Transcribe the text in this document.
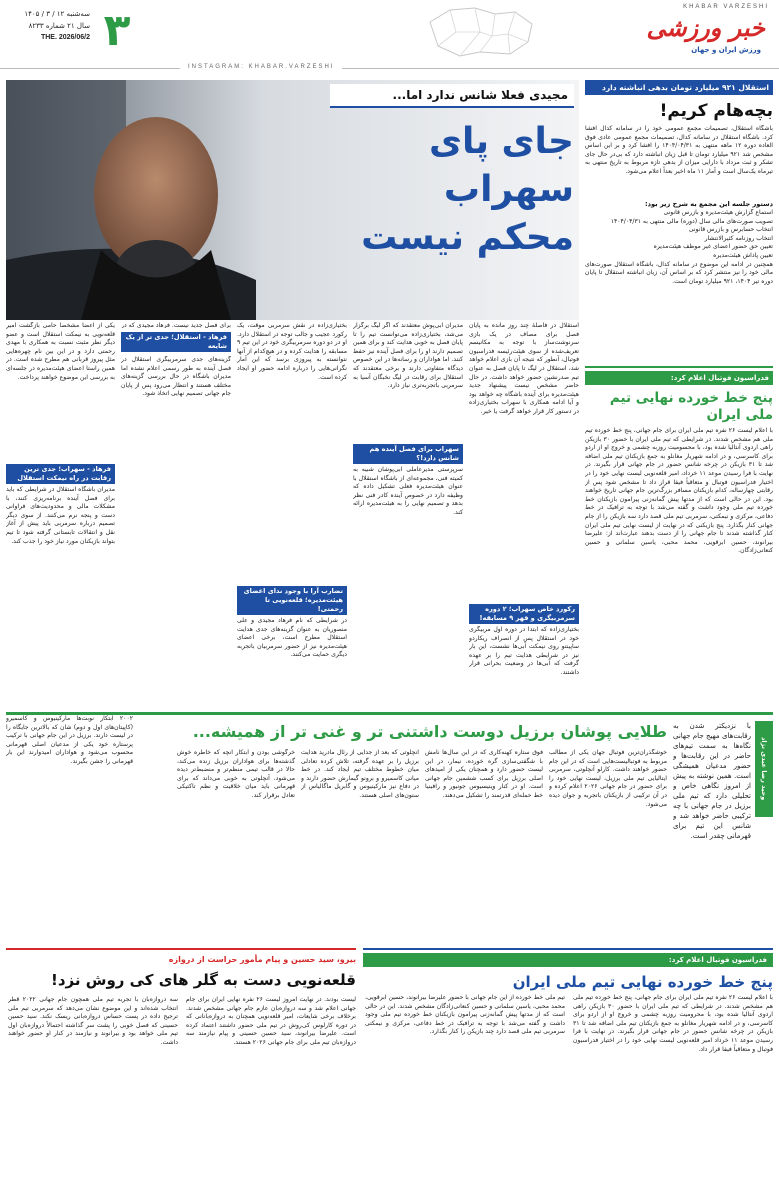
KHABAR VARZESHI
خبر ورزشی
ورزش ایران و جهان
۳
سه‌شنبه ۱۲ / ۳ / ۱۴۰۵
سال ۲۱ شماره ۸۲۳۳
THE. 2026/06/2
INSTAGRAM: KHABAR.VARZESHI
استقلال ۹۲۱ میلیارد تومان بدهی انباشته دارد
بچه‌هام کریم!
باشگاه استقلال، تصمیمات مجمع عمومی خود را در سامانه کدال افشا کرد. باشگاه استقلال در سامانه کدال، تصمیمات مجمع عمومی عادی فوق العاده دوره ۱۲ ماهه منتهی به ۱۴۰۴/۰۴/۳۱ را افشا کرد و بر این اساس مشخص شد ۹۲۱ میلیارد تومان تا قبل زیان انباشته دارد که بی‌در حال جای تشکر و ثبت مرداد با دارایی میزان از بدهی تازه مربوط به تاریخ منتهی به تیرماه یک‌سال است و آمار ۱۱ ماه اخیر بعداً اعلام می‌شود.
دستور جلسه این مجمع به شرح زیر بود:
استماع گزارش هیئت‌مدیره و بازرس قانونی
تصویب صورت‌های مالی سال (دوره) مالی منتهی به ۱۴۰۴/۰۴/۳۱
انتخاب حسابرس و بازرس قانونی
انتخاب روزنامه کثیرالانتشار
تعیین حق حضور اعضای غیر موظف هیئت‌مدیره
تعیین پاداش هیئت‌مدیره
همچنین در ادامه این موضوع در سامانه کدال، باشگاه استقلال صورت‌های مالی خود را نیز منتشر کرد که بر اساس آن، زیان انباشته استقلال تا پایان دوره تیر ۱۴۰۴، ۹۲۱ میلیارد تومان است.
فدراسیون فوتبال اعلام کرد:
پنج خط خورده نهایی تیم ملی ایران
با اعلام لیست ۲۶ نفره تیم ملی ایران برای جام جهانی، پنج خط خورده تیم ملی هم مشخص شدند. در شرایطی که تیم ملی ایران با حضور ۳۰ بازیکن راهی اردوی آنتالیا شده بود، با محسومیت روزبه چشمی و خروج او از اردو برای کاسرسی، و در ادامه شهریار مغانلو به جمع بازیکنان تیم ملی اضافه شد تا ۳۱ بازیکن در چرخه شانس حضور در جام جهانی قرار بگیرند. در نهایت با فرا رسیدن موعد ۱۱ خرداد، امیر قلعه‌نویی لیست نهایی خود را در اختیار فدراسیون فوتبال و متعاقباً فیفا قرار داد تا مشخص شود پس از رقابتی چهارساله، کدام بازیکنان مسافر بزرگ‌ترین جام جهانی تاریخ خواهند بود. این در حالی است که از مدتها پیش گمانه‌زنی پیرامون بازیکنان خط خورده تیم ملی وجود داشت و گفته می‌شد با توجه به ترافیک در خط دفاعی، مرکزی و نیمکتی، سرمربی تیم ملی قصد دارد سه بازیکن را از جام جهانی کنار بگذارد. پنج بازیکنی که در نهایت از لیست نهایی تیم ملی ایران کنار گذاشته شدند تا جام جهانی را از دست بدهند عبارت‌اند از: علیرضا بیرانوند، حسین ابرقویی، محمد محبی، یاسین سلمانی و حسین کنعانی‌زادگان.
مجیدی فعلا شانس ندارد اما...
جای پای سهراب
محکم نیست
استقلال در فاصلۀ چند روز مانده به پایان فصل برای مصاف در یک بازی سرنوشت‌ساز با توجه به مکانیسم تعریف‌شده از سوی هیئت‌رئیسه فدراسیون فوتبال، آنطور که نتیجه آن بازی اعلام خواهد شد، استقلال در لیگ تا پایان فصل به عنوان تیم صدرنشین حضور خواهد داشت. در حال حاضر مشخص نیست پیشنهاد جدید هیئت‌مدیره برای آینده باشگاه چه خواهد بود و آیا ادامه همکاری با سهراب بختیاری‌زاده در دستور کار قرار خواهد گرفت یا خیر.
رکورد خاص سهراب؛ ۲ دوره سرمربیگری و قهر ۹ مسابقه!
بختیاری‌زاده که ابتدا در دوره اول مربیگری خود در استقلال پس از انصراف ریکاردو ساپینتو روی نیمکت آبی‌ها نشست، این بار نیز در شرایطی هدایت تیم را بر عهده گرفت که آبی‌ها در وضعیت بحرانی قرار داشتند.
مدیران آبی‌پوش معتقدند که اگر لیگ برگزار می‌شد، بختیاری‌زاده می‌توانست تیم را تا پایان فصل به خوبی هدایت کند و برای همین تصمیم دارند او را برای فصل آینده نیز حفظ کنند. اما هواداران و رسانه‌ها در این خصوص دیدگاه متفاوتی دارند و برخی معتقدند که استقلال برای رقابت در لیگ نخبگان آسیا به سرمربی باتجربه‌تری نیاز دارد.
سهراب برای فصل آینده هم شانس دارد!؟
سرپرستی مدیرعاملی آبی‌پوشان شبیه به کمیته فنی، مجموعه‌ای از باشگاه استقلال با عنوان هیئت‌مدیره فعلی تشکیل داده که وظیفه دارد در خصوص آینده کادر فنی نظر بدهد و تصمیم نهایی را به هیئت‌مدیره ارائه کند.
بختیاری‌زاده در نقش سرمربی موقت، یک رکورد عجیب و جالب توجه در استقلال دارد. او در دو دوره سرمربیگری خود در این تیم ۹ مسابقه را هدایت کرده و در هیچ‌کدام از آنها نتوانسته به پیروزی برسد که این آمار نگرانی‌هایی را درباره ادامه حضور او ایجاد کرده است.
تضارب آرا با وجود ندای اعضای هیئت‌مدیره؛ قلعه‌نویی تا رحمتی!
در شرایطی که نام فرهاد مجیدی و علی منصوریان به عنوان گزینه‌های جدی هدایت استقلال مطرح است، برخی اعضای هیئت‌مدیره نیز از حضور سرمربیان باتجربه دیگری حمایت می‌کنند.
برای فصل جدید نیست. فرهاد مجیدی که در
فرهاد - استقلال؛ جدی تر از یک شایعه
گزینه‌های جدی سرمربیگری استقلال در فصل آینده به طور رسمی اعلام نشده اما مدیران باشگاه در حال بررسی گزینه‌های مختلف هستند و انتظار می‌رود پس از پایان جام جهانی تصمیم نهایی اتخاذ شود.
یکی از اعضا مشخصاً حامی بازگشت امیر قلعه‌نویی به نیمکت استقلال است و عضو دیگر نظر مثبت نسبت به همکاری با مهدی رحمتی دارد و در این بین نام چهره‌هایی مثل پیروز قربانی هم مطرح شده است. در همین راستا اعضای هیئت‌مدیره در جلسه‌ای به بررسی این موضوع خواهند پرداخت.
فرهاد - سهراب؛ جدی ترین رقابت در راه نیمکت استقلال
مدیران باشگاه استقلال در شرایطی که باید برای فصل آینده برنامه‌ریزی کنند، با مشکلات مالی و محدودیت‌های فراوانی دست و پنجه نرم می‌کنند. از سوی دیگر تصمیم درباره سرمربی باید پیش از آغاز نقل و انتقالات تابستانی گرفته شود تا تیم بتواند بازیکنان مورد نیاز خود را جذب کند.
وحید رضا عبدی تژاد
با نزدیکتر شدن به رقابت‌های مهیج جام جهانی نگاه‌ها به سمت تیم‌های حاضر در این رقابت‌ها و حضور مدعیان همیشگی است. همین نوشته به پیش از امروز نگاهی خاص و تحلیلی دارد که تیم ملی برزیل در جام جهانی با چه ترکیبی حاضر خواهد شد و شانس این تیم برای قهرمانی چقدر است.
طلایی پوشان برزیل دوست داشتنی تر و غنی تر از همیشه...
خوشگذران‌ترین فوتبال جهان یکی از مطالب مربوط به فوتبالیست‌هایی است که در این جام حضور خواهند داشت. کارلو آنچلوتی، سرمربی ایتالیایی تیم ملی برزیل، لیست نهایی خود را برای حضور در جام جهانی ۲۰۲۶ اعلام کرده و در آن ترکیبی از بازیکنان باتجربه و جوان دیده می‌شود.
فوق ستاره کهنه‌کاری که در این سال‌ها نامش با شگفتی‌سازی گره خورده، نیمار، در این لیست حضور دارد و همچنان یکی از امیدهای اصلی برزیل برای کسب ششمین جام جهانی است. او در کنار وینیسیوس جونیور و رافینیا خط حمله‌ای قدرتمند را تشکیل می‌دهند.
آنچلوتی که بعد از جدایی از رئال مادرید هدایت برزیل را بر عهده گرفته، تلاش کرده تعادلی میان خطوط مختلف تیم ایجاد کند. در خط میانی کاسمیرو و برونو گیمارش حضور دارند و در دفاع نیز مارکینیوس و گابریل ماگالیاس از ستون‌های اصلی هستند.
خرگوشی بودن و ابتکار آنچه که خاطره خوش گذشته‌ها برای هواداران برزیل زنده می‌کند، حالا در قالب تیمی منظم‌تر و منضبط‌تر دیده می‌شود. آنچلوتی به خوبی می‌داند که برای قهرمانی باید میان خلاقیت و نظم تاکتیکی تعادل برقرار کند.
۲۰۰۲ ابتکار نوبت‌ها مارکینیوس و کاسمیرو (کاپیتان‌های اول و دوم) شان که بالاترین جایگاه را در لیست دارند. برزیل در این جام جهانی با ترکیب پرستاره خود یکی از مدعیان اصلی قهرمانی محسوب می‌شود و هواداران امیدوارند این بار قهرمانی را جشن بگیرند.
فدراسیون فوتبال اعلام کرد:
پنج خط خورده نهایی تیم ملی ایران
با اعلام لیست ۲۶ نفره تیم ملی ایران برای جام جهانی، پنج خط خورده تیم ملی هم مشخص شدند. در شرایطی که تیم ملی ایران با حضور ۳۰ بازیکن راهی اردوی آنتالیا شده بود، با محرومیت روزبه چشمی و خروج او از اردو برای کاسرسی، و در ادامه شهریار مغانلو به جمع بازیکنان تیم ملی اضافه شد تا ۳۱ بازیکن در چرخه شانس حضور در جام جهانی قرار بگیرند. در نهایت با فرا رسیدن موعد ۱۱ خرداد امیر قلعه‌نویی لیست نهایی خود را در اختیار فدراسیون فوتبال و متعاقباً فیفا قرار داد.
تیم ملی خط خورده از این جام جهانی با حضور علیرضا بیرانوند، حسین ابرقویی، محمد محبی، یاسین سلمانی و حسین کنعانی‌زادگان مشخص شدند. این در حالی است که از مدتها پیش گمانه‌زنی پیرامون بازیکنان خط خورده تیم ملی وجود داشت و گفته می‌شد با توجه به ترافیک در خط دفاعی، مرکزی و نیمکتی سرمربی تیم ملی قصد دارد چند بازیکن را کنار بگذارد.
بیرو، سید حسین و پیام مأمور حراست از دروازه
قلعه‌نویی دست به گلر های کی روش نزد!
لیست بودند. در نهایت امروز لیست ۲۶ نفره نهایی ایران برای جام جهانی اعلام شد و سه دروازه‌بان عازم جام جهانی مشخص شدند. برخلاف برخی شایعات، امیر قلعه‌نویی همچنان به دروازه‌بانانی که در دوره کارلوس کی‌روش در تیم ملی حضور داشتند اعتماد کرده است. علیرضا بیرانوند، سید حسین حسینی و پیام نیازمند سه دروازه‌بان تیم ملی برای جام جهانی ۲۰۲۶ هستند.
سه دروازه‌بان با تجربه تیم ملی همچون جام جهانی ۲۰۲۲ قطر انتخاب شده‌اند و این موضوع نشان می‌دهد که سرمربی تیم ملی ترجیح داده در پست حساس دروازه‌بانی ریسک نکند. سید حسین حسینی که فصل خوبی را پشت سر گذاشته احتمالاً دروازه‌بان اول تیم ملی خواهد بود و بیرانوند و نیازمند در کنار او حضور خواهند داشت.
